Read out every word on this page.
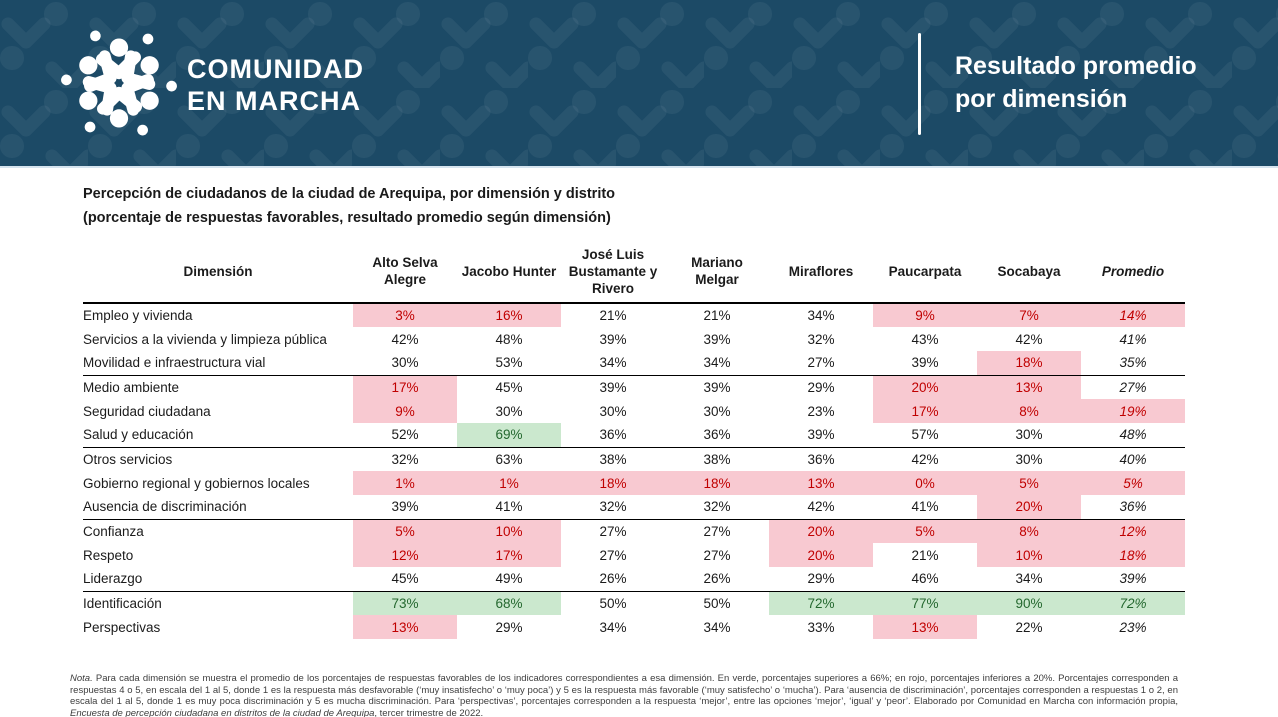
COMUNIDAD
EN MARCHA
Resultado promedio
por dimensión

Percepción de ciudadanos de la ciudad de Arequipa, por dimensión y distrito
(porcentaje de respuestas favorables, resultado promedio según dimensión)

Dimensión	Alto Selva Alegre	Jacobo Hunter	José Luis Bustamante y Rivero	Mariano Melgar	Miraflores	Paucarpata	Socabaya	Promedio
Empleo y vivienda	3%	16%	21%	21%	34%	9%	7%	14%
Servicios a la vivienda y limpieza pública	42%	48%	39%	39%	32%	43%	42%	41%
Movilidad e infraestructura vial	30%	53%	34%	34%	27%	39%	18%	35%
Medio ambiente	17%	45%	39%	39%	29%	20%	13%	27%
Seguridad ciudadana	9%	30%	30%	30%	23%	17%	8%	19%
Salud y educación	52%	69%	36%	36%	39%	57%	30%	48%
Otros servicios	32%	63%	38%	38%	36%	42%	30%	40%
Gobierno regional y gobiernos locales	1%	1%	18%	18%	13%	0%	5%	5%
Ausencia de discriminación	39%	41%	32%	32%	42%	41%	20%	36%
Confianza	5%	10%	27%	27%	20%	5%	8%	12%
Respeto	12%	17%	27%	27%	20%	21%	10%	18%
Liderazgo	45%	49%	26%	26%	29%	46%	34%	39%
Identificación	73%	68%	50%	50%	72%	77%	90%	72%
Perspectivas	13%	29%	34%	34%	33%	13%	22%	23%

Nota. Para cada dimensión se muestra el promedio de los porcentajes de respuestas favorables de los indicadores correspondientes a esa dimensión. En verde, porcentajes superiores a 66%; en rojo, porcentajes inferiores a 20%. Porcentajes corresponden a respuestas 4 o 5, en escala del 1 al 5, donde 1 es la respuesta más desfavorable (‘muy insatisfecho’ o ‘muy poca’) y 5 es la respuesta más favorable (‘muy satisfecho’ o ‘mucha’). Para ‘ausencia de discriminación’, porcentajes corresponden a respuestas 1 o 2, en escala del 1 al 5, donde 1 es muy poca discriminación y 5 es mucha discriminación. Para ‘perspectivas’, porcentajes corresponden a la respuesta ‘mejor’, entre las opciones ‘mejor’, ‘igual’ y ‘peor’. Elaborado por Comunidad en Marcha con información propia, Encuesta de percepción ciudadana en distritos de la ciudad de Arequipa, tercer trimestre de 2022.
